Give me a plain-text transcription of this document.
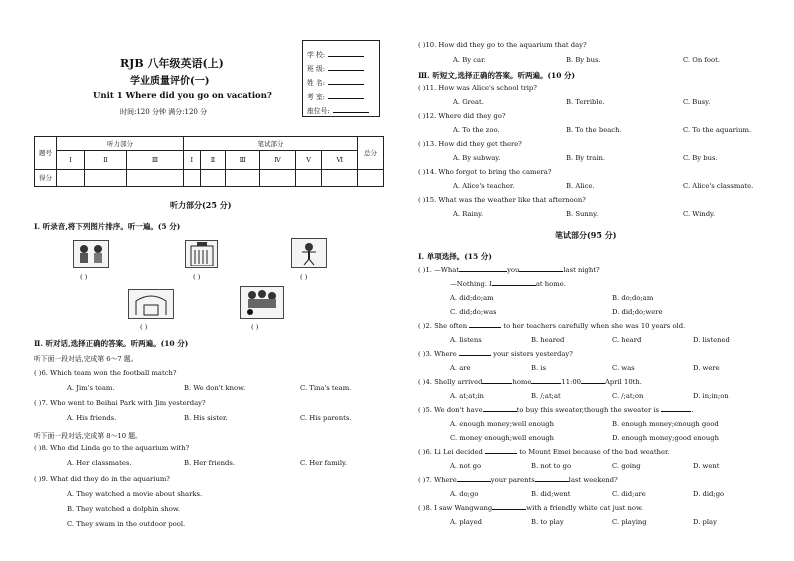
RJB 八年级英语(上)
学业质量评价(一)
Unit 1 Where did you go on vacation?
时间:120 分钟 满分:120 分
学 校:
班 级:
姓 名:
考 室:
座位号:
题号	听力部分			笔试部分						总分
	Ⅰ	Ⅱ	Ⅲ	Ⅰ	Ⅱ	Ⅲ	Ⅳ	Ⅴ	Ⅵ	
得分										
听力部分(25 分)
Ⅰ. 听录音,将下列图片排序。听一遍。(5 分)
( )	( )	( )
( )	( )
Ⅱ. 听对话,选择正确的答案。听两遍。(10 分)
听下面一段对话,完成第 6～7 题。
( )6. Which team won the football match?
A. Jim's team.	B. We don't know.	C. Tina's team.
( )7. Who went to Beihai Park with Jim yesterday?
A. His friends.	B. His sister.	C. His parents.
听下面一段对话,完成第 8～10 题。
( )8. Who did Linda go to the aquarium with?
A. Her classmates.	B. Her friends.	C. Her family.
( )9. What did they do in the aquarium?
A. They watched a movie about sharks.
B. They watched a dolphin show.
C. They swam in the outdoor pool.
( )10. How did they go to the aquarium that day?
A. By car.	B. By bus.	C. On foot.
Ⅲ. 听短文,选择正确的答案。听两遍。(10 分)
( )11. How was Alice's school trip?
A. Great.	B. Terrible.	C. Busy.
( )12. Where did they go?
A. To the zoo.	B. To the beach.	C. To the aquarium.
( )13. How did they get there?
A. By subway.	B. By train.	C. By bus.
( )14. Who forgot to bring the camera?
A. Alice's teacher.	B. Alice.	C. Alice's classmate.
( )15. What was the weather like that afternoon?
A. Rainy.	B. Sunny.	C. Windy.
笔试部分(95 分)
Ⅰ. 单项选择。(15 分)
( )1. —What	you	last night?
—Nothing. I	at home.
A. did;do;am	B. do;do;am
C. did;do;was	D. did;do;were
( )2. She often	to her teachers carefully when she was 10 years old.
A. listens	B. heared	C. heard	D. listened
( )3. Where	your sisters yesterday?
A. are	B. is	C. was	D. were
( )4. Shelly arrived	home	11:00	April 10th.
A. at;at;in	B. /;at;at	C. /;at;on	D. in;in;on
( )5. We don't have	to buy this sweater,though the sweater is	.
A. enough money;well enough	B. enough money;enough good
C. money enough;well enough	D. enough money;good enough
( )6. Li Lei decided	to Mount Emei because of the bad weather.
A. not go	B. not to go	C. going	D. went
( )7. Where	your parents	last weekend?
A. do;go	B. did;went	C. did;are	D. did;go
( )8. I saw Wangwang	with a friendly white cat just now.
A. played	B. to play	C. playing	D. play
